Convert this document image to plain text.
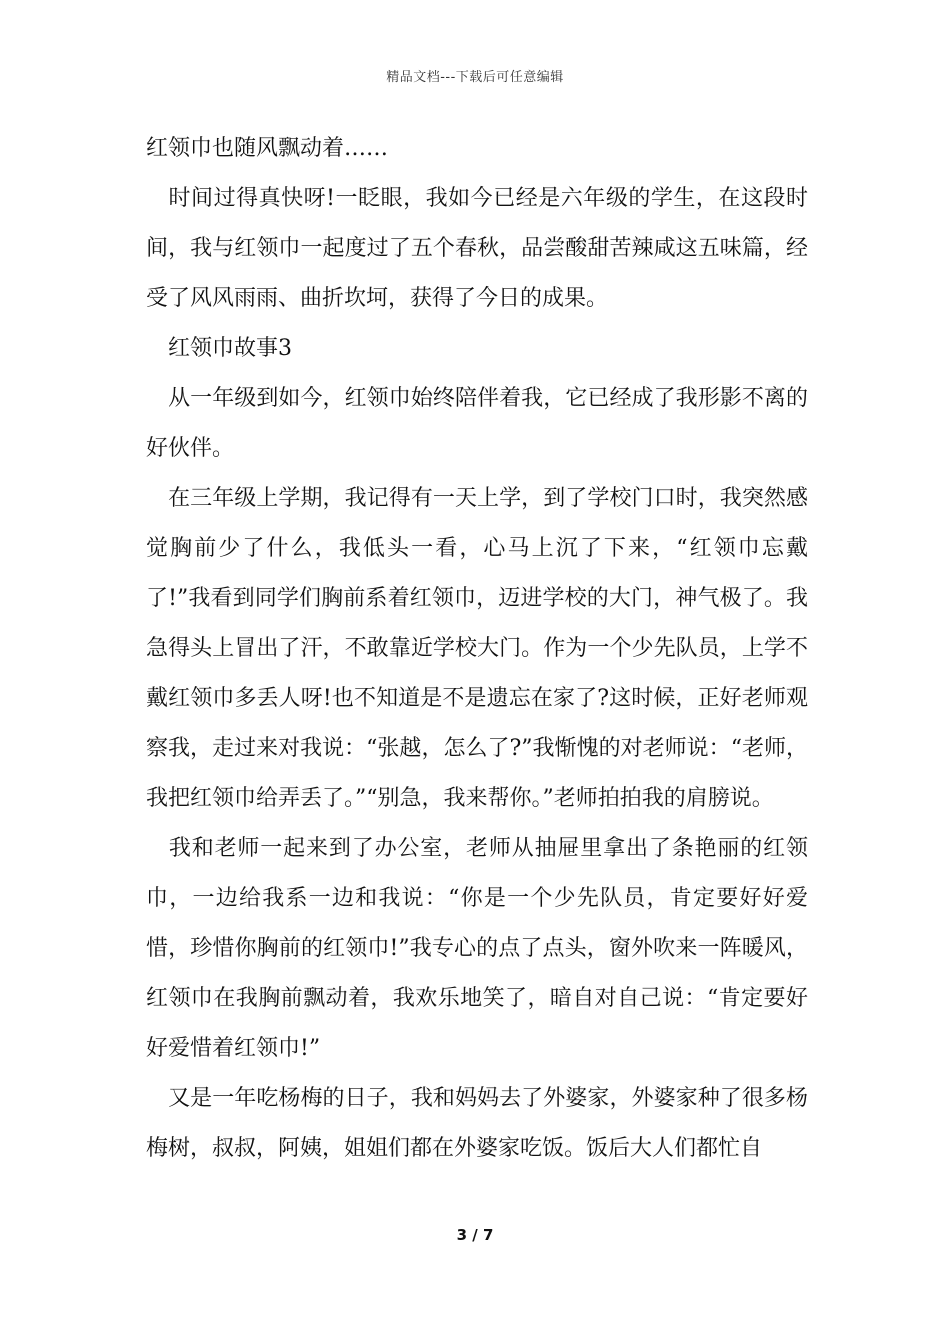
精品文档---下载后可任意编辑

红领巾也随风飘动着……

　时间过得真快呀!一眨眼，我如今已经是六年级的学生，在这段时间，我与红领巾一起度过了五个春秋，品尝酸甜苦辣咸这五味篇，经受了风风雨雨、曲折坎坷，获得了今日的成果。

　红领巾故事3

　从一年级到如今，红领巾始终陪伴着我，它已经成了我形影不离的好伙伴。

　在三年级上学期，我记得有一天上学，到了学校门口时，我突然感觉胸前少了什么，我低头一看，心马上沉了下来，“红领巾忘戴了!”我看到同学们胸前系着红领巾，迈进学校的大门，神气极了。我急得头上冒出了汗，不敢靠近学校大门。作为一个少先队员，上学不戴红领巾多丢人呀!也不知道是不是遗忘在家了?这时候，正好老师观察我，走过来对我说：“张越，怎么了?”我惭愧的对老师说：“老师，我把红领巾给弄丢了。”“别急，我来帮你。”老师拍拍我的肩膀说。

　我和老师一起来到了办公室，老师从抽屉里拿出了条艳丽的红领巾，一边给我系一边和我说：“你是一个少先队员，肯定要好好爱惜，珍惜你胸前的红领巾!”我专心的点了点头，窗外吹来一阵暖风，红领巾在我胸前飘动着，我欢乐地笑了，暗自对自己说：“肯定要好好爱惜着红领巾!”

　又是一年吃杨梅的日子，我和妈妈去了外婆家，外婆家种了很多杨梅树，叔叔，阿姨，姐姐们都在外婆家吃饭。饭后大人们都忙自

3 / 7
